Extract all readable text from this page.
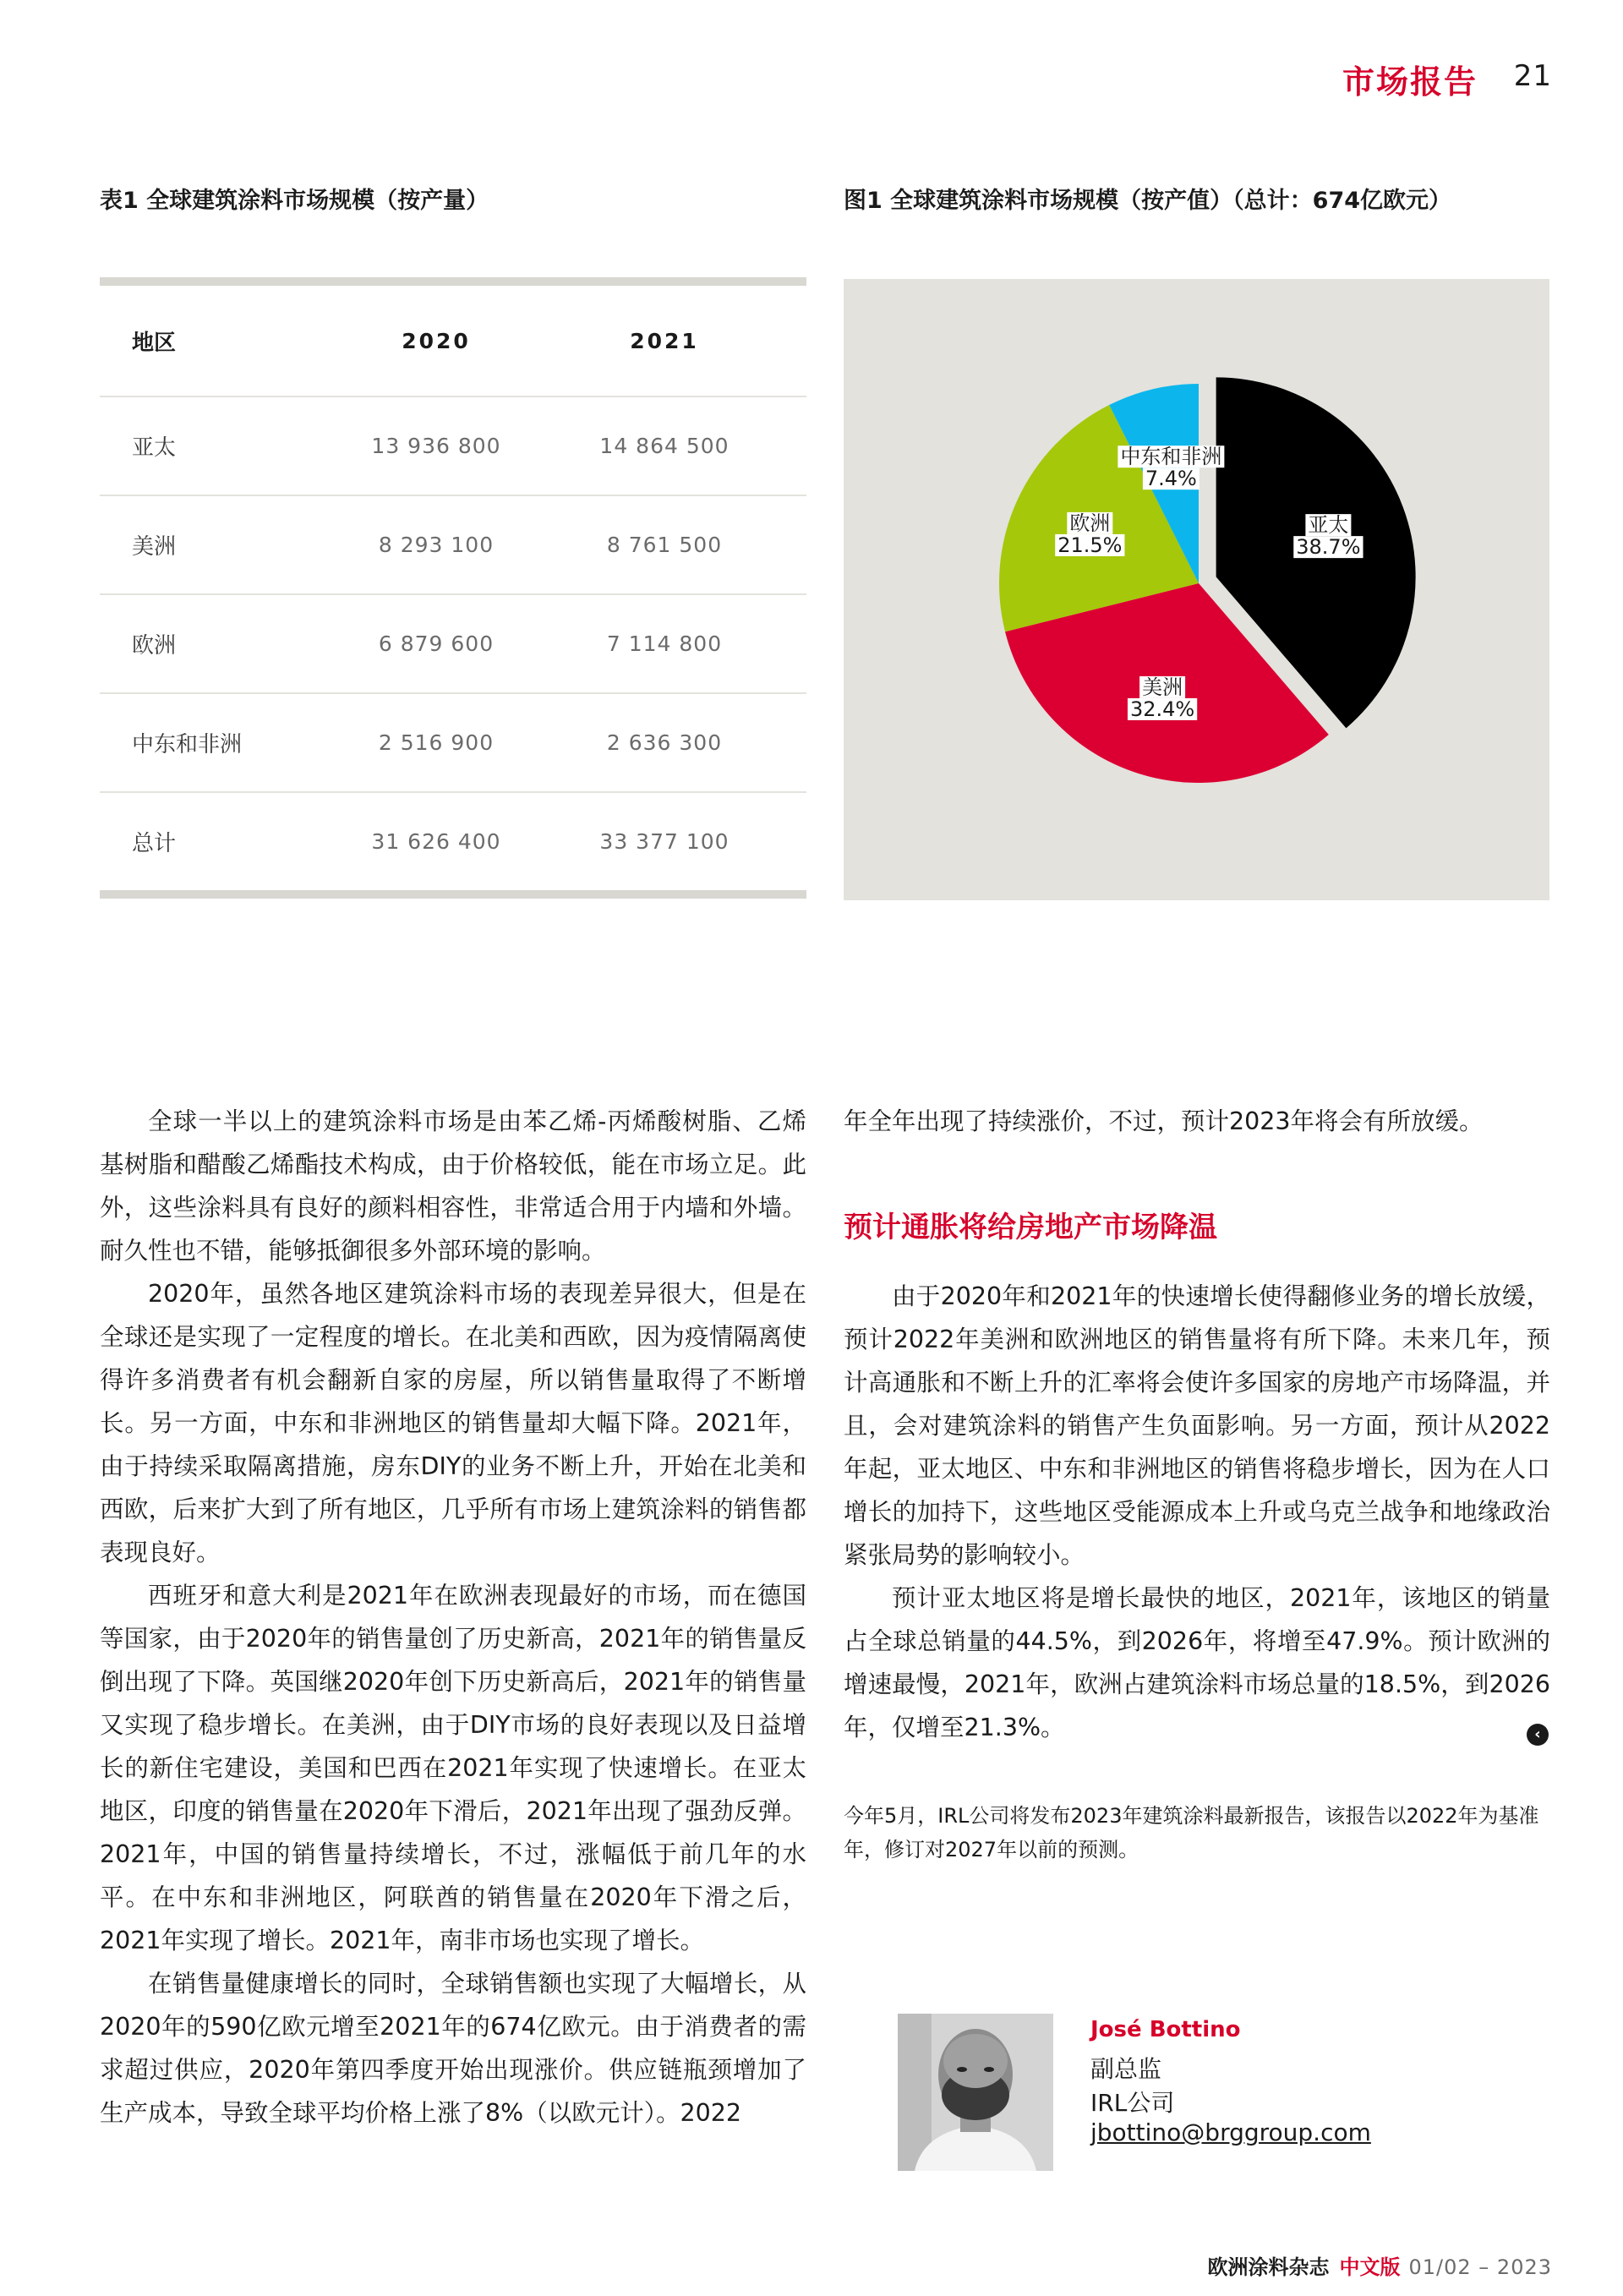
市场报告 21
表1 全球建筑涂料市场规模（按产量）
地区	2020	2021
亚太	13 936 800	14 864 500
美洲	8 293 100	8 761 500
欧洲	6 879 600	7 114 800
中东和非洲	2 516 900	2 636 300
总计	31 626 400	33 377 100
图1 全球建筑涂料市场规模（按产值）（总计：674亿欧元）
亚太
38.7%
美洲
32.4%
欧洲
21.5%
中东和非洲
7.4%

全球一半以上的建筑涂料市场是由苯乙烯-丙烯酸树脂、乙烯基树脂和醋酸乙烯酯技术构成，由于价格较低，能在市场立足。此外，这些涂料具有良好的颜料相容性，非常适合用于内墙和外墙。耐久性也不错，能够抵御很多外部环境的影响。

2020年，虽然各地区建筑涂料市场的表现差异很大，但是在全球还是实现了一定程度的增长。在北美和西欧，因为疫情隔离使得许多消费者有机会翻新自家的房屋，所以销售量取得了不断增长。另一方面，中东和非洲地区的销售量却大幅下降。2021年，由于持续采取隔离措施，房东DIY的业务不断上升，开始在北美和西欧，后来扩大到了所有地区，几乎所有市场上建筑涂料的销售都表现良好。

西班牙和意大利是2021年在欧洲表现最好的市场，而在德国等国家，由于2020年的销售量创了历史新高，2021年的销售量反倒出现了下降。英国继2020年创下历史新高后，2021年的销售量又实现了稳步增长。在美洲，由于DIY市场的良好表现以及日益增长的新住宅建设，美国和巴西在2021年实现了快速增长。在亚太地区，印度的销售量在2020年下滑后，2021年出现了强劲反弹。2021年，中国的销售量持续增长，不过，涨幅低于前几年的水平。在中东和非洲地区，阿联酋的销售量在2020年下滑之后，2021年实现了增长。2021年，南非市场也实现了增长。

在销售量健康增长的同时，全球销售额也实现了大幅增长，从2020年的590亿欧元增至2021年的674亿欧元。由于消费者的需求超过供应，2020年第四季度开始出现涨价。供应链瓶颈增加了生产成本，导致全球平均价格上涨了8%（以欧元计）。2022

年全年出现了持续涨价，不过，预计2023年将会有所放缓。

预计通胀将给房地产市场降温

由于2020年和2021年的快速增长使得翻修业务的增长放缓，预计2022年美洲和欧洲地区的销售量将有所下降。未来几年，预计高通胀和不断上升的汇率将会使许多国家的房地产市场降温，并且，会对建筑涂料的销售产生负面影响。另一方面，预计从2022年起，亚太地区、中东和非洲地区的销售将稳步增长，因为在人口增长的加持下，这些地区受能源成本上升或乌克兰战争和地缘政治紧张局势的影响较小。

预计亚太地区将是增长最快的地区，2021年，该地区的销量占全球总销量的44.5%，到2026年，将增至47.9%。预计欧洲的增速最慢，2021年，欧洲占建筑涂料市场总量的18.5%，到2026年，仅增至21.3%。	‹
今年5月，IRL公司将发布2023年建筑涂料最新报告，该报告以2022年为基准年，修订对2027年以前的预测。
José Bottino
副总监
IRL公司
jbottino@brggroup.com
欧洲涂料杂志 中文版 01/02 – 2023
